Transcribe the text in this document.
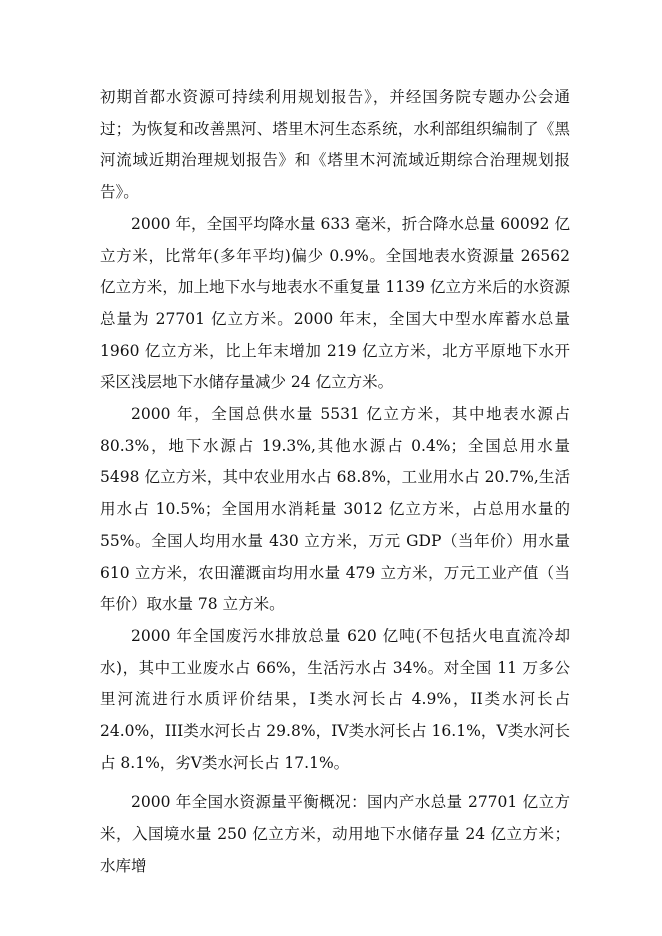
初期首都水资源可持续利用规划报告》，并经国务院专题办公会通过；为恢复和改善黑河、塔里木河生态系统，水利部组织编制了《黑河流域近期治理规划报告》和《塔里木河流域近期综合治理规划报告》。

2000 年，全国平均降水量 633 毫米，折合降水总量 60092 亿立方米，比常年(多年平均)偏少 0.9%。全国地表水资源量 26562 亿立方米，加上地下水与地表水不重复量 1139 亿立方米后的水资源总量为 27701 亿立方米。2000 年末，全国大中型水库蓄水总量 1960 亿立方米，比上年末增加 219 亿立方米，北方平原地下水开采区浅层地下水储存量减少 24 亿立方米。

2000 年，全国总供水量 5531 亿立方米，其中地表水源占 80.3%，地下水源占 19.3%,其他水源占 0.4%；全国总用水量 5498 亿立方米，其中农业用水占 68.8%，工业用水占 20.7%,生活用水占 10.5%；全国用水消耗量 3012 亿立方米，占总用水量的 55%。全国人均用水量 430 立方米，万元 GDP（当年价）用水量 610 立方米，农田灌溉亩均用水量 479 立方米，万元工业产值（当年价）取水量 78 立方米。

2000 年全国废污水排放总量 620 亿吨(不包括火电直流冷却水)，其中工业废水占 66%，生活污水占 34%。对全国 11 万多公里河流进行水质评价结果，I类水河长占 4.9%，II类水河长占 24.0%，III类水河长占 29.8%，IV类水河长占 16.1%，V类水河长占 8.1%，劣V类水河长占 17.1%。

2000 年全国水资源量平衡概况：国内产水总量 27701 亿立方米，入国境水量 250 亿立方米，动用地下水储存量 24 亿立方米；水库增
